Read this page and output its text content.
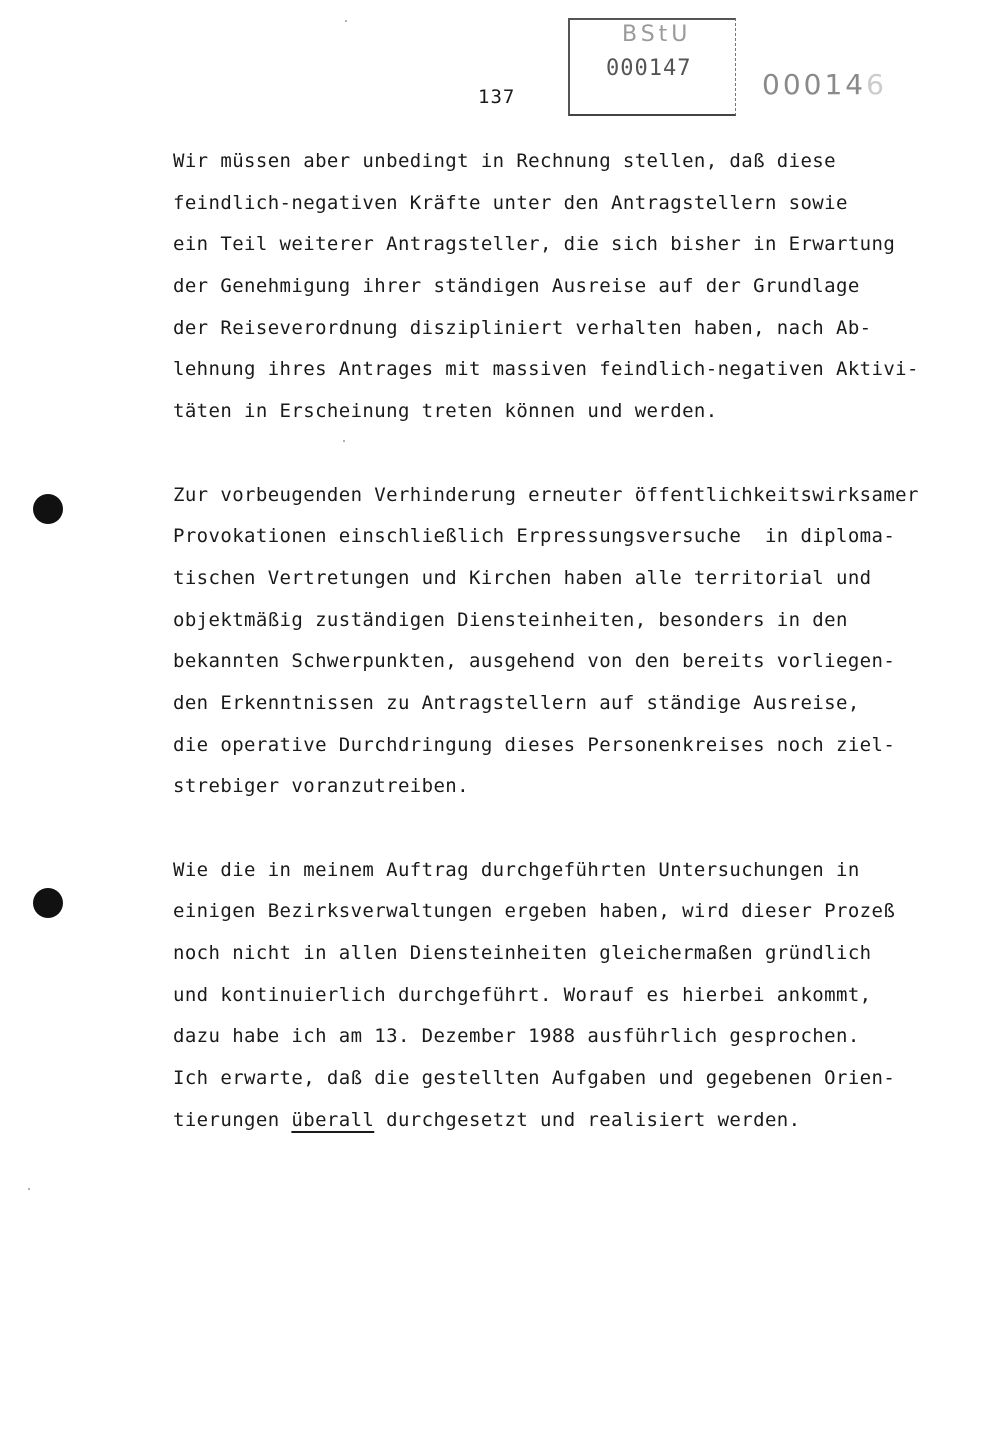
137
BStU
000147	000146
Wir müssen aber unbedingt in Rechnung stellen, daß diese
feindlich-negativen Kräfte unter den Antragstellern sowie
ein Teil weiterer Antragsteller, die sich bisher in Erwartung
der Genehmigung ihrer ständigen Ausreise auf der Grundlage
der Reiseverordnung diszipliniert verhalten haben, nach Ab-
lehnung ihres Antrages mit massiven feindlich-negativen Aktivi-
täten in Erscheinung treten können und werden.
Zur vorbeugenden Verhinderung erneuter öffentlichkeitswirksamer
Provokationen einschließlich Erpressungsversuche  in diploma-
tischen Vertretungen und Kirchen haben alle territorial und
objektmäßig zuständigen Diensteinheiten, besonders in den
bekannten Schwerpunkten, ausgehend von den bereits vorliegen-
den Erkenntnissen zu Antragstellern auf ständige Ausreise,
die operative Durchdringung dieses Personenkreises noch ziel-
strebiger voranzutreiben.
Wie die in meinem Auftrag durchgeführten Untersuchungen in
einigen Bezirksverwaltungen ergeben haben, wird dieser Prozeß
noch nicht in allen Diensteinheiten gleichermaßen gründlich
und kontinuierlich durchgeführt. Worauf es hierbei ankommt,
dazu habe ich am 13. Dezember 1988 ausführlich gesprochen.
Ich erwarte, daß die gestellten Aufgaben und gegebenen Orien-
tierungen überall durchgesetzt und realisiert werden.
